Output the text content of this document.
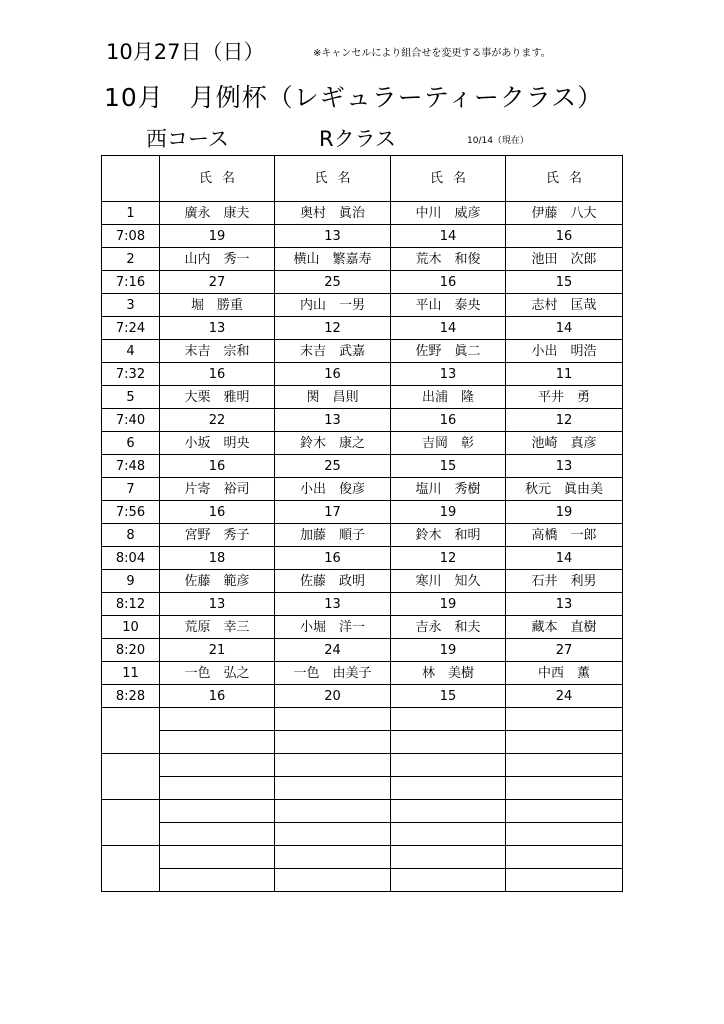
10月27日（日）	※キャンセルにより組合せを変更する事があります。
10月　月例杯（レギュラーティークラス）
西コース	Rクラス	10/14（現在）
	氏名	氏名	氏名	氏名
1	廣永　康夫	奥村　眞治	中川　威彦	伊藤　八大
7:08	19	13	14	16
2	山内　秀一	横山　繁嘉寿	荒木　和俊	池田　次郎
7:16	27	25	16	15
3	堀　勝重	内山　一男	平山　泰央	志村　匡哉
7:24	13	12	14	14
4	末吉　宗和	末吉　武嘉	佐野　眞二	小出　明浩
7:32	16	16	13	11
5	大栗　雅明	関　昌則	出浦　隆	平井　勇
7:40	22	13	16	12
6	小坂　明央	鈴木　康之	吉岡　彰	池崎　真彦
7:48	16	25	15	13
7	片寄　裕司	小出　俊彦	塩川　秀樹	秋元　眞由美
7:56	16	17	19	19
8	宮野　秀子	加藤　順子	鈴木　和明	高橋　一郎
8:04	18	16	12	14
9	佐藤　範彦	佐藤　政明	寒川　知久	石井　利男
8:12	13	13	19	13
10	荒原　幸三	小堀　洋一	吉永　和夫	藏本　直樹
8:20	21	24	19	27
11	一色　弘之	一色　由美子	林　美樹	中西　薫
8:28	16	20	15	24
